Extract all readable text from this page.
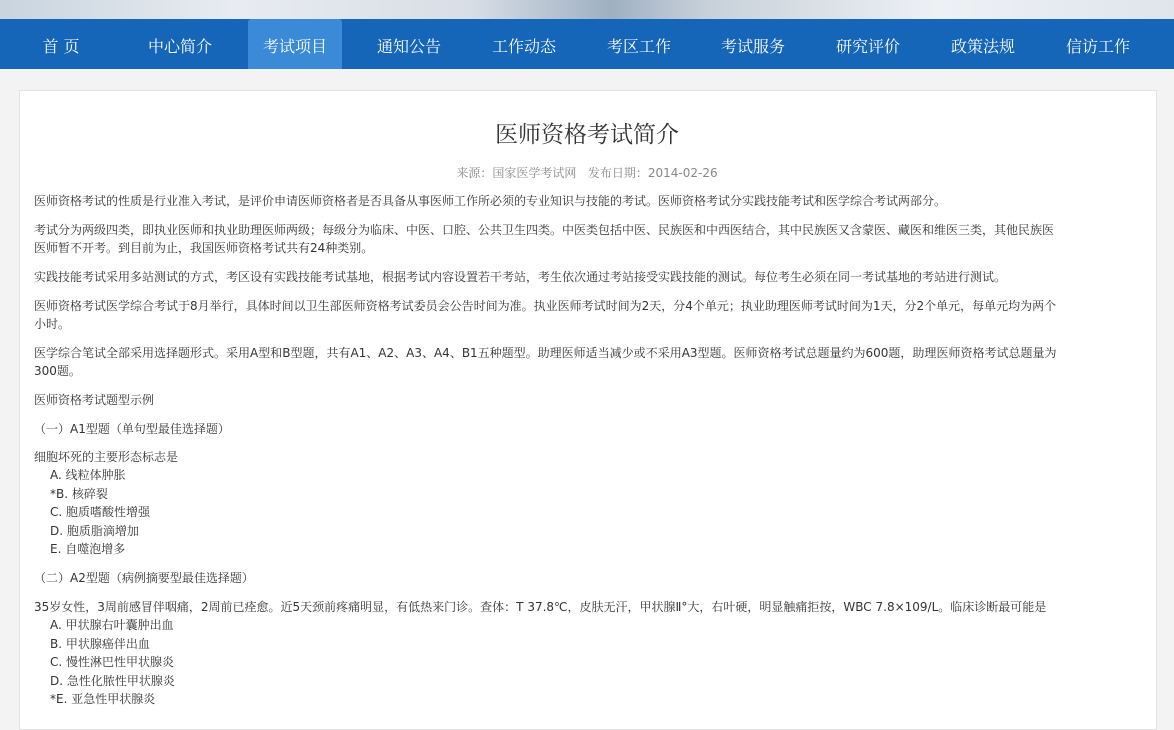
首 页	中心简介	考试项目	通知公告	工作动态	考区工作	考试服务	研究评价	政策法规	信访工作
医师资格考试简介
来源：国家医学考试网 发布日期：2014-02-26
医师资格考试的性质是行业准入考试，是评价申请医师资格者是否具备从事医师工作所必须的专业知识与技能的考试。医师资格考试分实践技能考试和医学综合考试两部分。
考试分为两级四类，即执业医师和执业助理医师两级；每级分为临床、中医、口腔、公共卫生四类。中医类包括中医、民族医和中西医结合，其中民族医又含蒙医、藏医和维医三类，其他民族医
医师暂不开考。到目前为止，我国医师资格考试共有24种类别。
实践技能考试采用多站测试的方式，考区设有实践技能考试基地，根据考试内容设置若干考站，考生依次通过考站接受实践技能的测试。每位考生必须在同一考试基地的考站进行测试。
医师资格考试医学综合考试于8月举行，具体时间以卫生部医师资格考试委员会公告时间为准。执业医师考试时间为2天，分4个单元；执业助理医师考试时间为1天，分2个单元，每单元均为两个
小时。
医学综合笔试全部采用选择题形式。采用A型和B型题，共有A1、A2、A3、A4、B1五种题型。助理医师适当减少或不采用A3型题。医师资格考试总题量约为600题，助理医师资格考试总题量为
300题。
医师资格考试题型示例
（一）A1型题（单句型最佳选择题）
细胞坏死的主要形态标志是
A. 线粒体肿胀
*B. 核碎裂
C. 胞质嗜酸性增强
D. 胞质脂滴增加
E. 自噬泡增多
（二）A2型题（病例摘要型最佳选择题）
35岁女性，3周前感冒伴咽痛，2周前已痊愈。近5天颈前疼痛明显，有低热来门诊。查体：T 37.8℃，皮肤无汗，甲状腺Ⅱ°大，右叶硬，明显触痛拒按，WBC 7.8×109/L。临床诊断最可能是
A. 甲状腺右叶囊肿出血
B. 甲状腺癌伴出血
C. 慢性淋巴性甲状腺炎
D. 急性化脓性甲状腺炎
*E. 亚急性甲状腺炎
